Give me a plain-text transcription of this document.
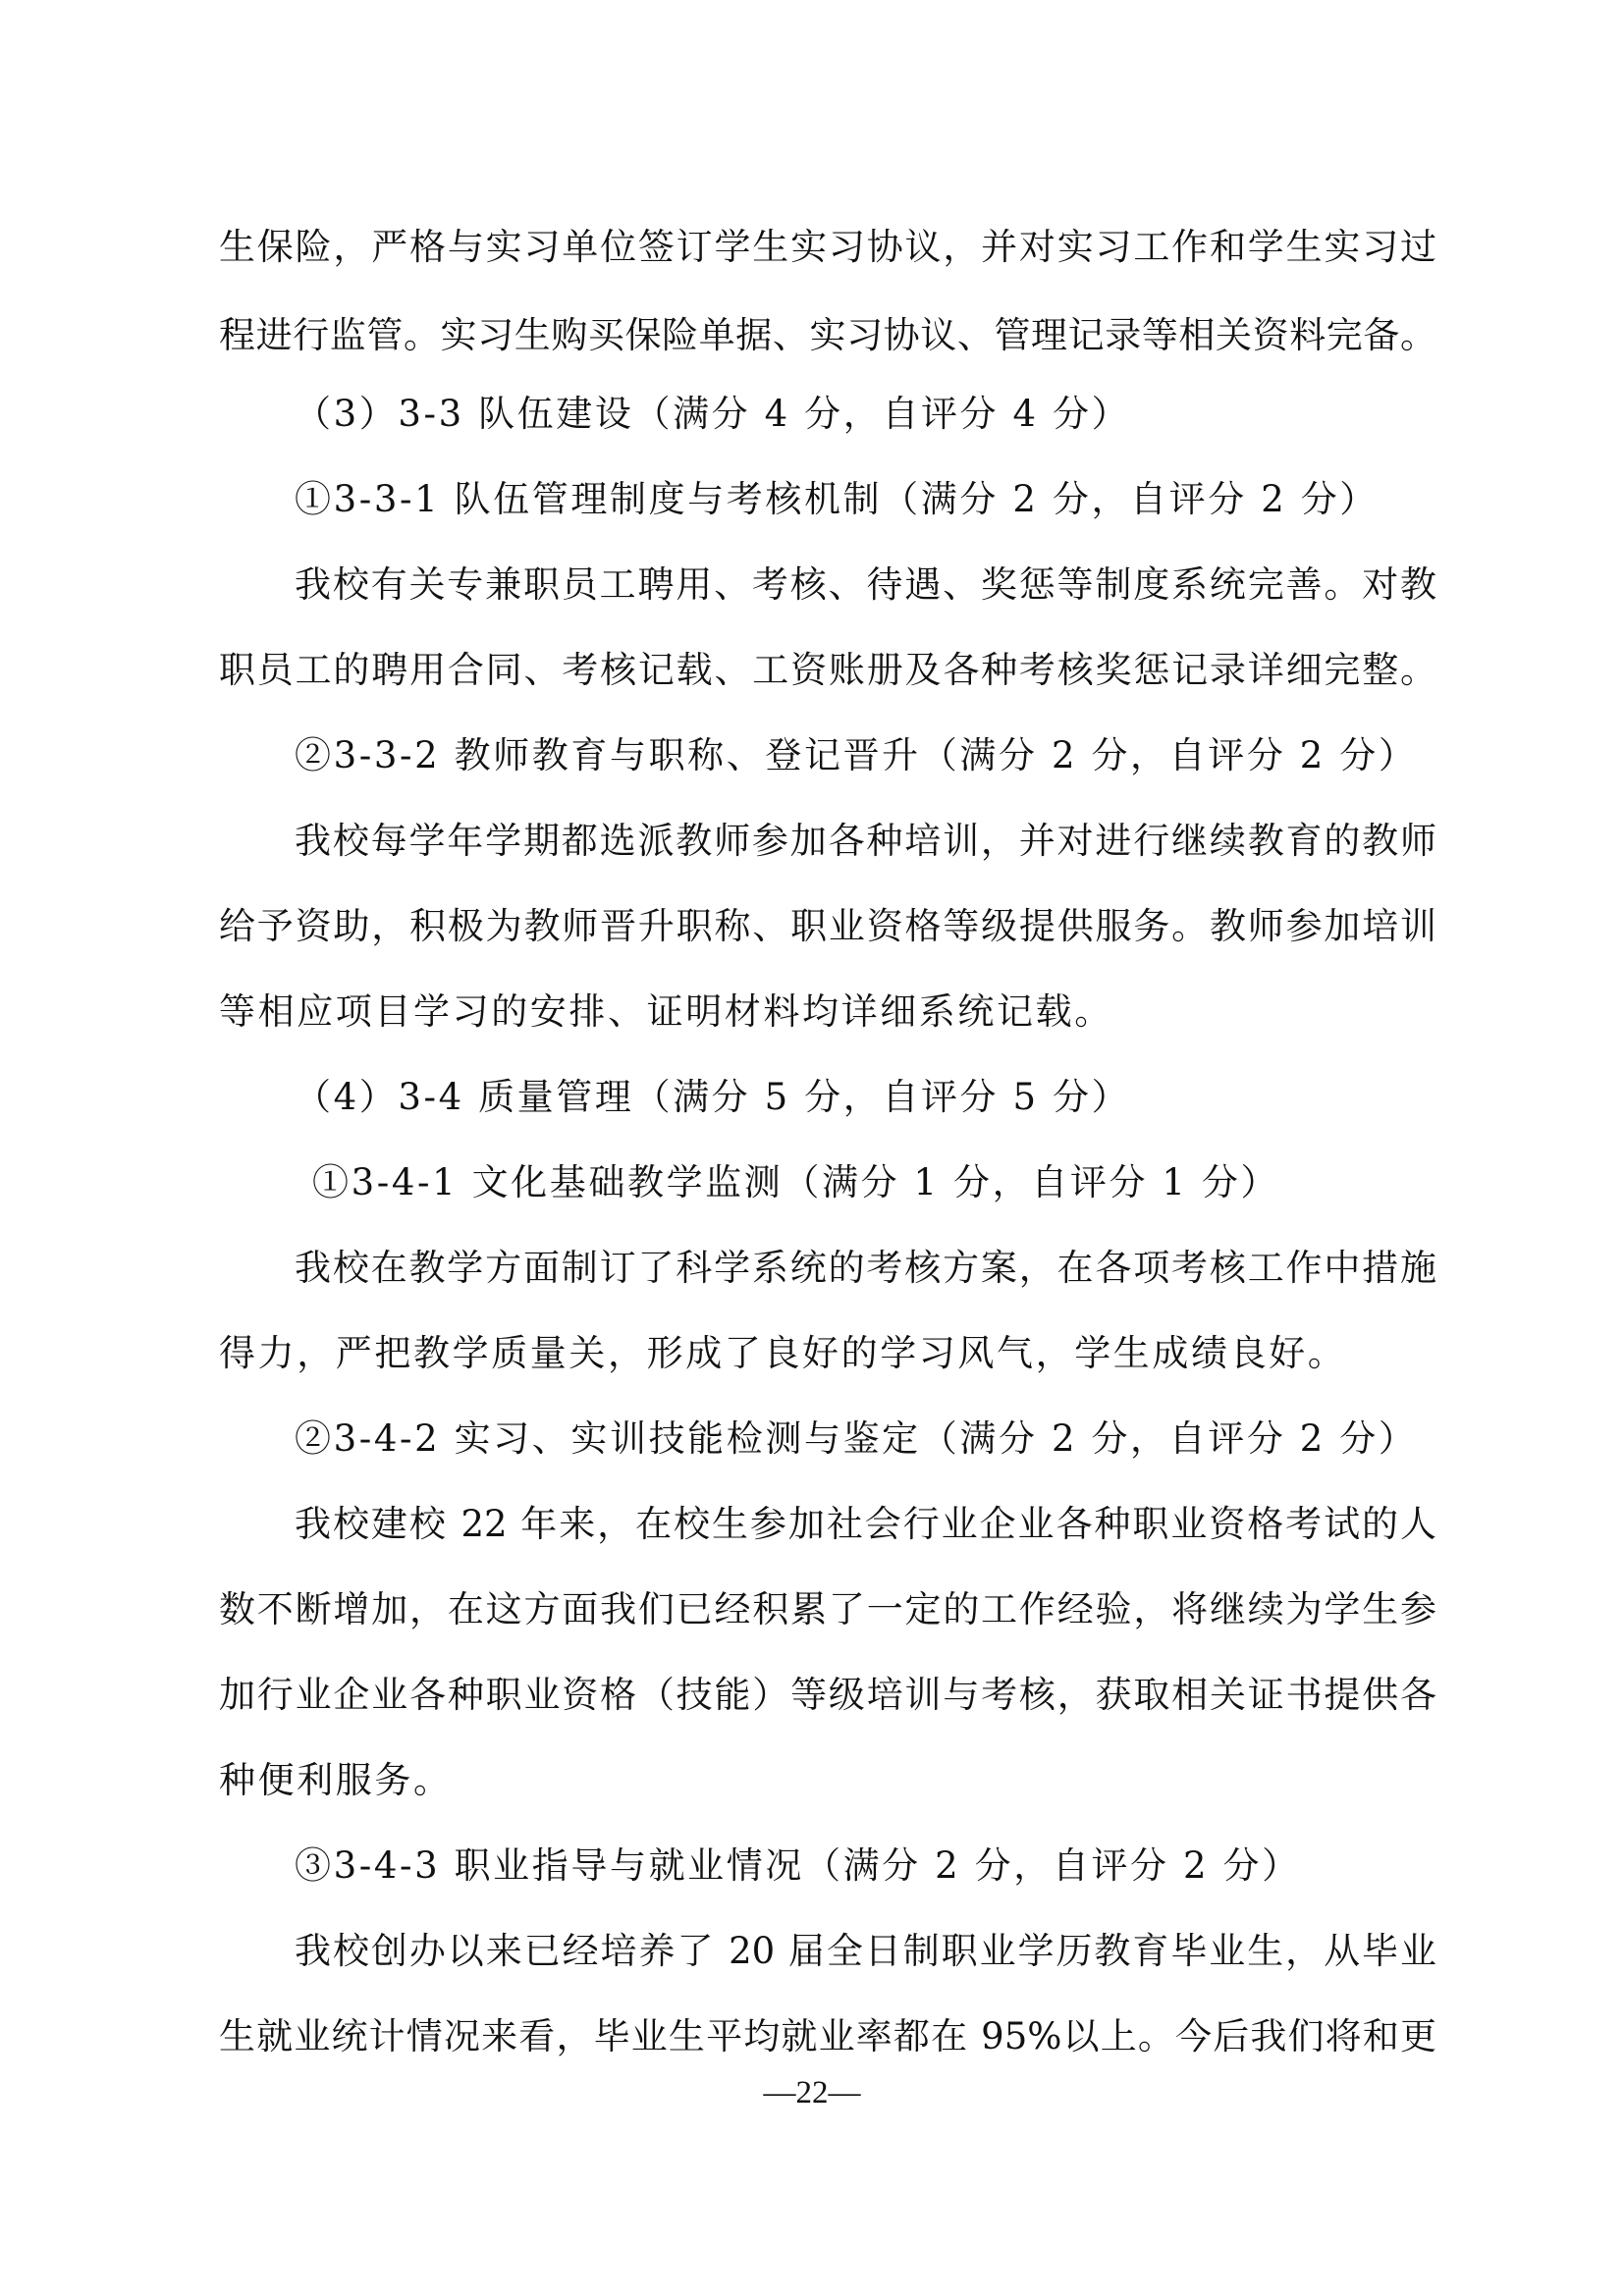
生保险，严格与实习单位签订学生实习协议，并对实习工作和学生实习过
程进行监管。实习生购买保险单据、实习协议、管理记录等相关资料完备。
（3）3-3 队伍建设（满分 4 分，自评分 4 分）
①3-3-1 队伍管理制度与考核机制（满分 2 分，自评分 2 分）
我校有关专兼职员工聘用、考核、待遇、奖惩等制度系统完善。对教
职员工的聘用合同、考核记载、工资账册及各种考核奖惩记录详细完整。
②3-3-2 教师教育与职称、登记晋升（满分 2 分，自评分 2 分）
我校每学年学期都选派教师参加各种培训，并对进行继续教育的教师
给予资助，积极为教师晋升职称、职业资格等级提供服务。教师参加培训
等相应项目学习的安排、证明材料均详细系统记载。
（4）3-4 质量管理（满分 5 分，自评分 5 分）
①3-4-1 文化基础教学监测（满分 1 分，自评分 1 分）
我校在教学方面制订了科学系统的考核方案，在各项考核工作中措施
得力，严把教学质量关，形成了良好的学习风气，学生成绩良好。
②3-4-2 实习、实训技能检测与鉴定（满分 2 分，自评分 2 分）
我校建校 22 年来，在校生参加社会行业企业各种职业资格考试的人
数不断增加，在这方面我们已经积累了一定的工作经验，将继续为学生参
加行业企业各种职业资格（技能）等级培训与考核，获取相关证书提供各
种便利服务。
③3-4-3 职业指导与就业情况（满分 2 分，自评分 2 分）
我校创办以来已经培养了 20 届全日制职业学历教育毕业生，从毕业
生就业统计情况来看，毕业生平均就业率都在 95%以上。今后我们将和更
—22—
